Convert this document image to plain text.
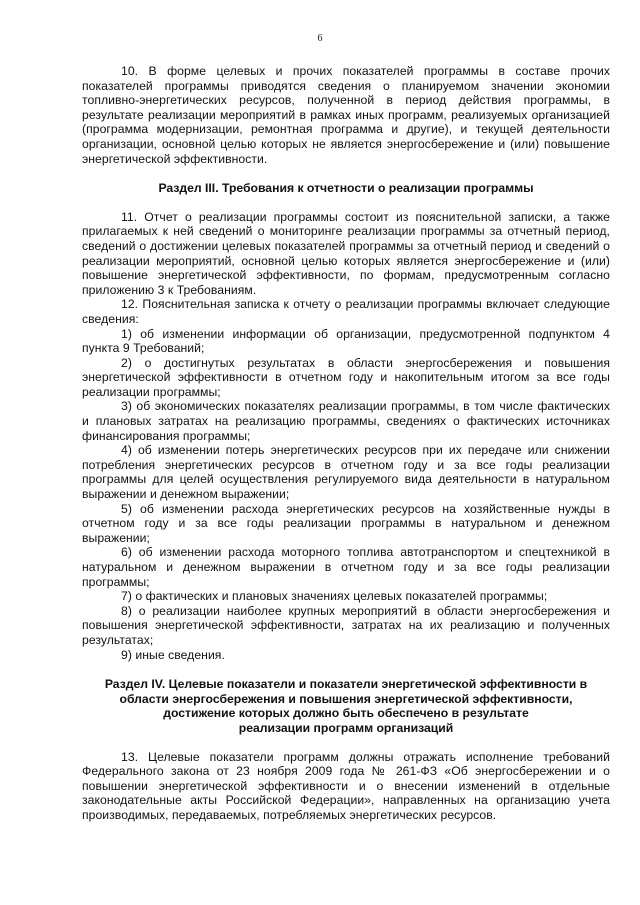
6

10. В форме целевых и прочих показателей программы в составе прочих показателей программы приводятся сведения о планируемом значении экономии топливно-энергетических ресурсов, полученной в период действия программы, в результате реализации мероприятий в рамках иных программ, реализуемых организацией (программа модернизации, ремонтная программа и другие), и текущей деятельности организации, основной целью которых не является энергосбережение и (или) повышение энергетической эффективности.

Раздел III. Требования к отчетности о реализации программы

11. Отчет о реализации программы состоит из пояснительной записки, а также прилагаемых к ней сведений о мониторинге реализации программы за отчетный период, сведений о достижении целевых показателей программы за отчетный период и сведений о реализации мероприятий, основной целью которых является энергосбережение и (или) повышение энергетической эффективности, по формам, предусмотренным согласно приложению 3 к Требованиям.

12. Пояснительная записка к отчету о реализации программы включает следующие сведения:

1) об изменении информации об организации, предусмотренной подпунктом 4 пункта 9 Требований;

2) о достигнутых результатах в области энергосбережения и повышения энергетической эффективности в отчетном году и накопительным итогом за все годы реализации программы;

3) об экономических показателях реализации программы, в том числе фактических и плановых затратах на реализацию программы, сведениях о фактических источниках финансирования программы;

4) об изменении потерь энергетических ресурсов при их передаче или снижении потребления энергетических ресурсов в отчетном году и за все годы реализации программы для целей осуществления регулируемого вида деятельности в натуральном выражении и денежном выражении;

5) об изменении расхода энергетических ресурсов на хозяйственные нужды в отчетном году и за все годы реализации программы в натуральном и денежном выражении;

6) об изменении расхода моторного топлива автотранспортом и спецтехникой в натуральном и денежном выражении в отчетном году и за все годы реализации программы;

7) о фактических и плановых значениях целевых показателей программы;

8) о реализации наиболее крупных мероприятий в области энергосбережения и повышения энергетической эффективности, затратах на их реализацию и полученных результатах;

9) иные сведения.

Раздел IV. Целевые показатели и показатели энергетической эффективности в

области энергосбережения и повышения энергетической эффективности,

достижение которых должно быть обеспечено в результате

реализации программ организаций

13. Целевые показатели программ должны отражать исполнение требований Федерального закона от 23 ноября 2009 года № 261-ФЗ «Об энергосбережении и о повышении энергетической эффективности и о внесении изменений в отдельные законодательные акты Российской Федерации», направленных на организацию учета производимых, передаваемых, потребляемых энергетических ресурсов.
